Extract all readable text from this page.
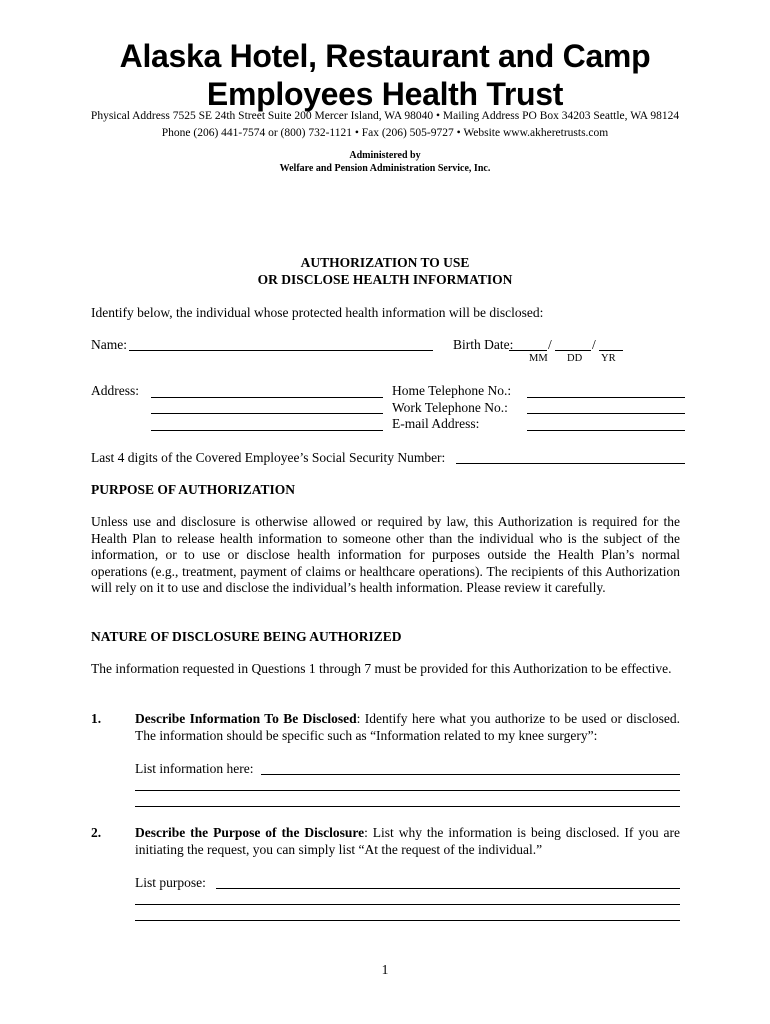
Alaska Hotel, Restaurant and Camp
Employees Health Trust
Physical Address 7525 SE 24th Street Suite 200 Mercer Island, WA 98040 • Mailing Address PO Box 34203 Seattle, WA 98124
Phone (206) 441-7574 or (800) 732-1121 • Fax (206) 505-9727 • Website www.akheretrusts.com
Administered by
Welfare and Pension Administration Service, Inc.
AUTHORIZATION TO USE
OR DISCLOSE HEALTH INFORMATION
Identify below, the individual whose protected health information will be disclosed:
Name:	Birth Date:	/	/
MM DD YR
Address:	Home Telephone No.:
Work Telephone No.:
E-mail Address:
Last 4 digits of the Covered Employee’s Social Security Number:
PURPOSE OF AUTHORIZATION
Unless use and disclosure is otherwise allowed or required by law, this Authorization is required for the Health Plan to release health information to someone other than the individual who is the subject of the information, or to use or disclose health information for purposes outside the Health Plan’s normal operations (e.g., treatment, payment of claims or healthcare operations). The recipients of this Authorization will rely on it to use and disclose the individual’s health information. Please review it carefully.
NATURE OF DISCLOSURE BEING AUTHORIZED
The information requested in Questions 1 through 7 must be provided for this Authorization to be effective.
1.	Describe Information To Be Disclosed: Identify here what you authorize to be used or disclosed. The information should be specific such as “Information related to my knee surgery”:
List information here:
2.	Describe the Purpose of the Disclosure: List why the information is being disclosed. If you are initiating the request, you can simply list “At the request of the individual.”
List purpose:
1
